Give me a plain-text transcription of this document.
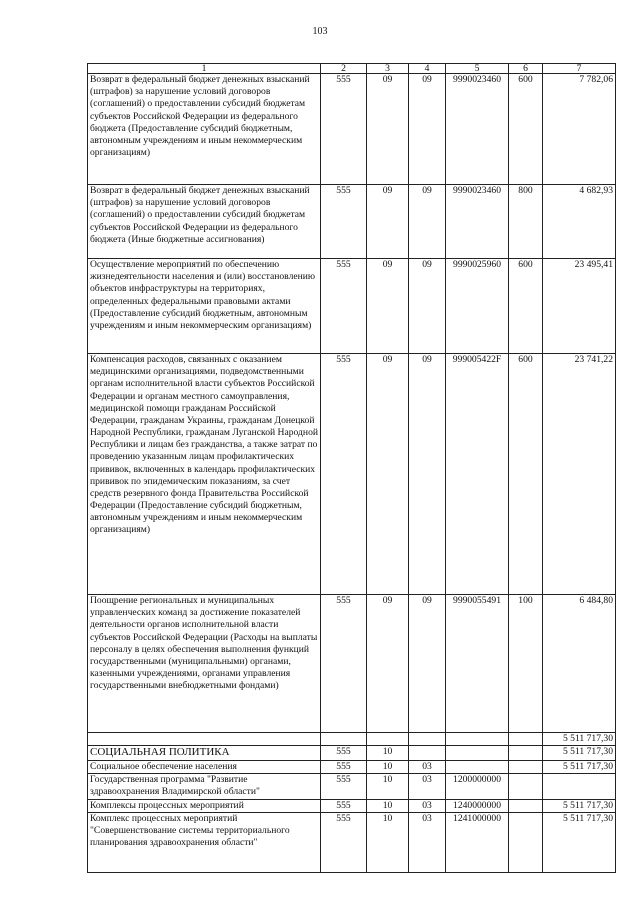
103
1	2	3	4	5	6	7
Возврат в федеральный бюджет денежных взысканий (штрафов) за нарушение условий договоров (соглашений) о предоставлении субсидий бюджетам субъектов Российской Федерации из федерального бюджета (Предоставление субсидий бюджетным, автономным учреждениям и иным некоммерческим организациям)	555	09	09	9990023460	600	7 782,06
Возврат в федеральный бюджет денежных взысканий (штрафов) за нарушение условий договоров (соглашений) о предоставлении субсидий бюджетам субъектов Российской Федерации из федерального бюджета (Иные бюджетные ассигнования)	555	09	09	9990023460	800	4 682,93
Осуществление мероприятий по обеспечению жизнедеятельности населения и (или) восстановлению объектов инфраструктуры на территориях, определенных федеральными правовыми актами (Предоставление субсидий бюджетным, автономным учреждениям и иным некоммерческим организациям)	555	09	09	9990025960	600	23 495,41
Компенсация расходов, связанных с оказанием медицинскими организациями, подведомственными органам исполнительной власти субъектов Российской Федерации и органам местного самоуправления, медицинской помощи гражданам Российской Федерации, гражданам Украины, гражданам Донецкой Народной Республики, гражданам Луганской Народной Республики и лицам без гражданства, а также затрат по проведению указанным лицам профилактических прививок, включенных в календарь профилактических прививок по эпидемическим показаниям, за счет средств резервного фонда Правительства Российской Федерации (Предоставление субсидий бюджетным, автономным учреждениям и иным некоммерческим организациям)	555	09	09	999005422F	600	23 741,22
Поощрение региональных и муниципальных управленческих команд за достижение показателей деятельности органов исполнительной власти субъектов Российской Федерации (Расходы на выплаты персоналу в целях обеспечения выполнения функций государственными (муниципальными) органами, казенными учреждениями, органами управления государственными внебюджетными фондами)	555	09	09	9990055491	100	6 484,80
						5 511 717,30
СОЦИАЛЬНАЯ ПОЛИТИКА	555	10				5 511 717,30
Социальное обеспечение населения	555	10	03			5 511 717,30
Государственная программа "Развитие здравоохранения Владимирской области"	555	10	03	1200000000		
Комплексы процессных мероприятий	555	10	03	1240000000		5 511 717,30
Комплекс процессных мероприятий "Совершенствование системы территориального планирования здравоохранения области"	555	10	03	1241000000		5 511 717,30
